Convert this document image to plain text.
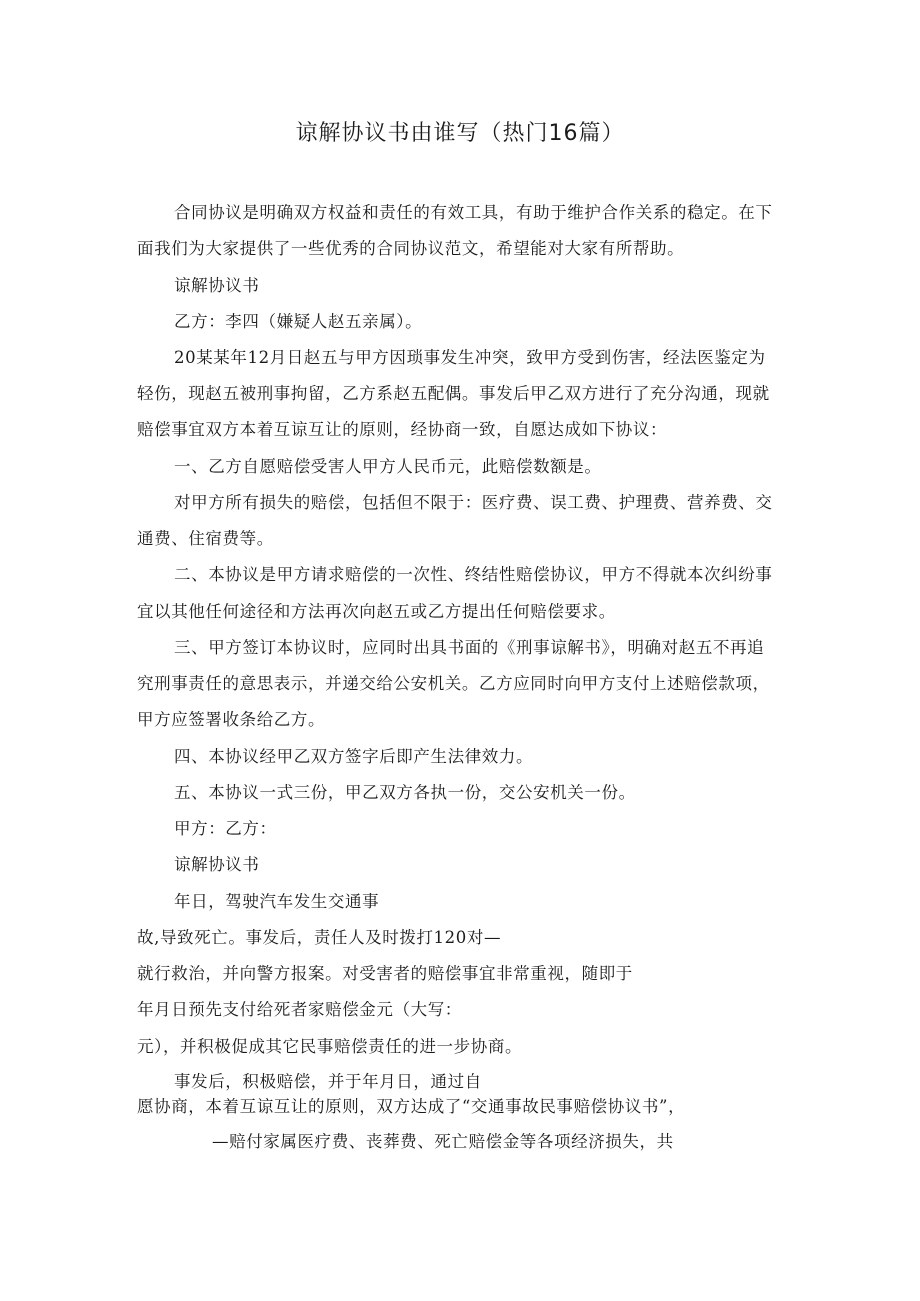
谅解协议书由谁写（热门16篇）

合同协议是明确双方权益和责任的有效工具，有助于维护合作关系的稳定。在下

面我们为大家提供了一些优秀的合同协议范文，希望能对大家有所帮助。

谅解协议书

乙方：李四（嫌疑人赵五亲属）。

20某某年12月日赵五与甲方因琐事发生冲突，致甲方受到伤害，经法医鉴定为

轻伤，现赵五被刑事拘留，乙方系赵五配偶。事发后甲乙双方进行了充分沟通，现就

赔偿事宜双方本着互谅互让的原则，经协商一致，自愿达成如下协议：

一、乙方自愿赔偿受害人甲方人民币元，此赔偿数额是。

对甲方所有损失的赔偿，包括但不限于：医疗费、误工费、护理费、营养费、交

通费、住宿费等。

二、本协议是甲方请求赔偿的一次性、终结性赔偿协议，甲方不得就本次纠纷事

宜以其他任何途径和方法再次向赵五或乙方提出任何赔偿要求。

三、甲方签订本协议时，应同时出具书面的《刑事谅解书》，明确对赵五不再追

究刑事责任的意思表示，并递交给公安机关。乙方应同时向甲方支付上述赔偿款项，

甲方应签署收条给乙方。

四、本协议经甲乙双方签字后即产生法律效力。

五、本协议一式三份，甲乙双方各执一份，交公安机关一份。

甲方：乙方：

谅解协议书

年日，驾驶汽车发生交通事

故,导致死亡。事发后，责任人及时拨打120对—

就行救治，并向警方报案。对受害者的赔偿事宜非常重视，随即于

年月日预先支付给死者家赔偿金元（大写：

元），并积极促成其它民事赔偿责任的进一步协商。

事发后，积极赔偿，并于年月日，通过自

愿协商，本着互谅互让的原则，双方达成了“交通事故民事赔偿协议书”，

—赔付家属医疗费、丧葬费、死亡赔偿金等各项经济损失，共
